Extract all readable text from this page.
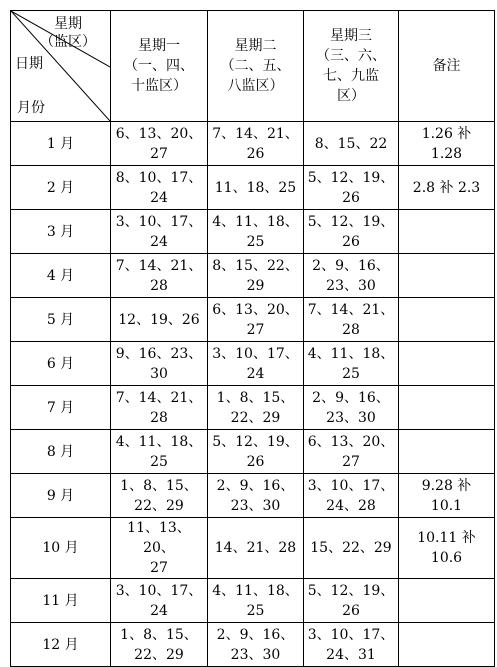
星期
（监区）

日期

月份	星期一
（一、四、
十监区）	星期二
（二、五、
八监区）	星期三
（三、六、
七、九监
区）	备注
1 月	6、13、20、
27	7、14、21、
26	8、15、22	1.26 补
1.28
2 月	8、10、17、
24	11、18、25	5、12、19、
26	2.8 补 2.3
3 月	3、10、17、
24	4、11、18、
25	5、12、19、
26	
4 月	7、14、21、
28	8、15、22、
29	2、9、16、
23、30	
5 月	12、19、26	6、13、20、
27	7、14、21、
28	
6 月	9、16、23、
30	3、10、17、
24	4、11、18、
25	
7 月	7、14、21、
28	1、8、15、
22、29	2、9、16、
23、30	
8 月	4、11、18、
25	5、12、19、
26	6、13、20、
27	
9 月	1、8、15、
22、29	2、9、16、
23、30	3、10、17、
24、28	9.28 补
10.1
10 月	11、13、20、
27	14、21、28	15、22、29	10.11 补
10.6
11 月	3、10、17、
24	4、11、18、
25	5、12、19、
26	
12 月	1、8、15、
22、29	2、9、16、
23、30	3、10、17、
24、31	
